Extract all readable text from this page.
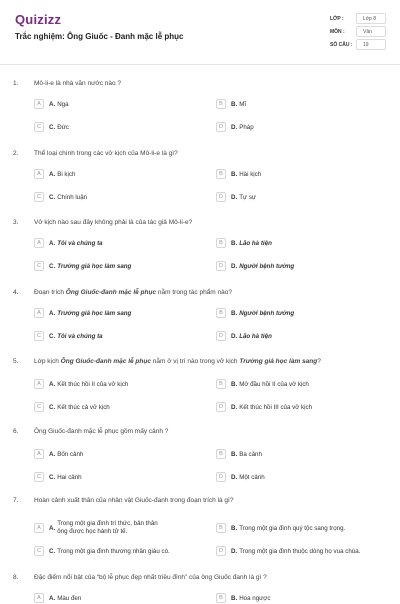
Quizizz
Trắc nghiệm: Ông Giuốc - Đanh mặc lễ phục
LỚP :	Lớp 8
MÔN :	Văn
SỐ CÂU :	19
1. Mô-li-e là nhà văn nước nào ?
A	A. Nga	B	B. Mĩ
C	C. Đức	D	D. Pháp
2. Thể loại chính trong các vở kịch của Mô-li-e là gì?
A	A. Bi kịch	B	B. Hài kịch
C	C. Chính luận	D	D. Tự sự
3. Vở kịch nào sau đây không phải là của tác giả Mô-li-e?
A	A. Tôi và chúng ta	B	B. Lão hà tiện
C	C. Trưởng giả học làm sang	D	D. Người bệnh tưởng
4. Đoạn trích Ông Giuốc-đanh mặc lễ phục nằm trong tác phẩm nào?
A	A. Trưởng giả học làm sang	B	B. Người bệnh tưởng
C	C. Tôi và chúng ta	D	D. Lão hà tiện
5. Lớp kịch Ông Giuốc-đanh mặc lễ phục nằm ở vị trí nào trong vở kịch Trưởng giả học làm sang?
A	A. Kết thúc hồi II của vở kịch	B	B. Mở đầu hồi II của vở kịch
C	C. Kết thúc cả vở kịch	D	D. Kết thúc hồi III của vở kịch
6. Ông Giuốc-đanh mặc lễ phục gồm mấy cảnh ?
A	A. Bốn cảnh	B	B. Ba cảnh
C	C. Hai cảnh	D	D. Một cảnh
7. Hoàn cảnh xuất thân của nhân vật Giuốc-đanh trong đoạn trích là gì?
A	A.
Trong một gia đình trí thức, bản thân ông được học hành tử tế.	B	B. Trong một gia đình quý tộc sang trọng.
C	C. Trong một gia đình thương nhân giàu có.	D	D. Trong một gia đình thuộc dòng họ vua chúa.
8. Đặc điểm nổi bật của “bộ lễ phục đẹp nhất triều đình” của ông Giuốc đanh là gì ?
A	A. Màu đen	B	B. Hoa ngược
